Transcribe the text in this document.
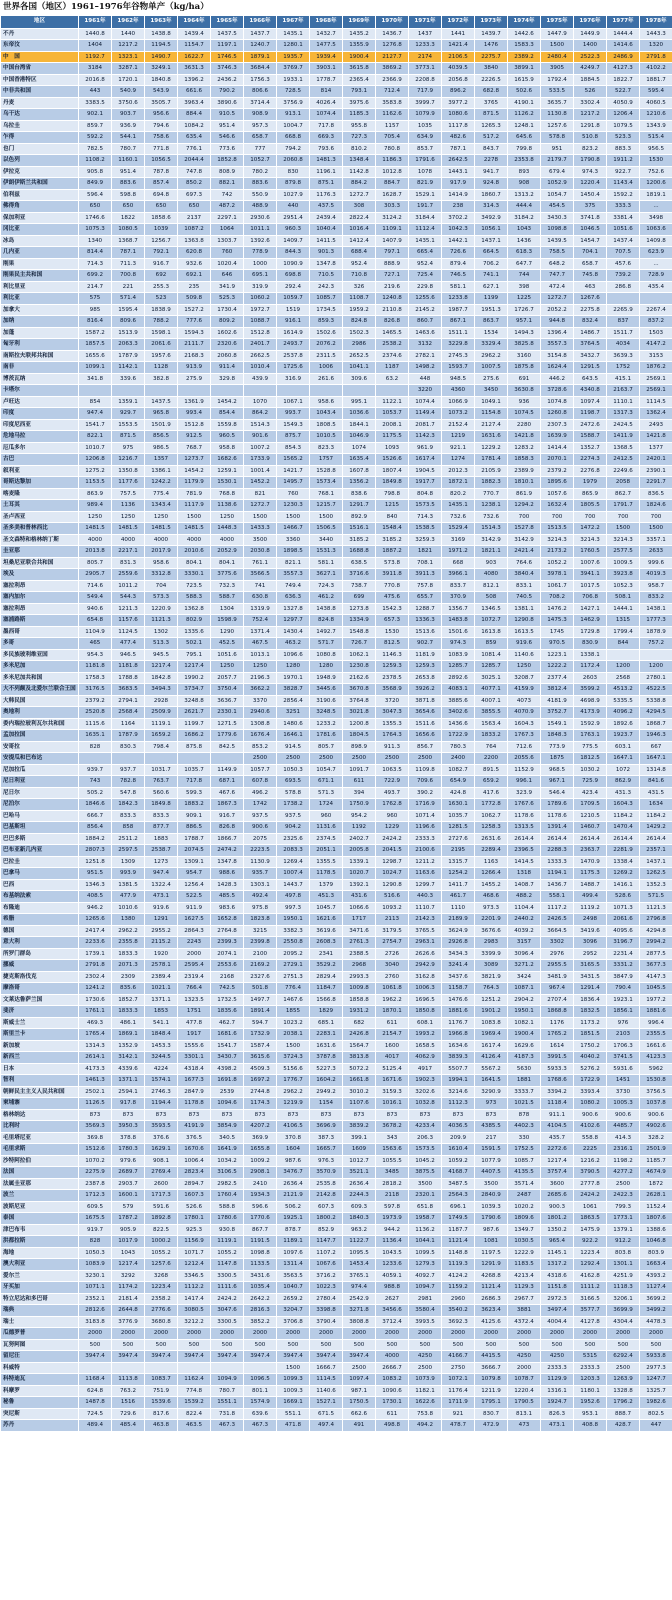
世界各国（地区）1961–1976年谷物单产（kg/ha）
地区	1961年	1962年	1963年	1964年	1965年	1966年	1967年	1968年	1969年	1970年	1971年	1972年	1973年	1974年	1975年	1976年	1977年	1978年
不丹	1440.8	1440	1438.8	1439.4	1437.5	1437.7	1435.1	1432.7	1435.2	1436.7	1437	1441	1439.7	1442.6	1447.9	1449.9	1444.4	1443.3
东帝汶	1404	1217.2	1194.5	1154.7	1197.1	1240.7	1280.1	1477.5	1355.9	1276.8	1233.3	1421.4	1476	1583.3	1500	1400	1414.6	1320
中　国	1192.7	1323.1	1490.7	1622.7	1746.5	1879.1	1935.7	1939.4	1900.4	2127.7	2174	2106.5	2275.7	2389.2	2480.4	2522.3	2486.9	2791.8
中国台湾省	3184	3287.1	3249.1	3631.3	3746.3	3684.4	3769.7	3903.1	3615.8	3869.2	3773.1	4039.5	3840	3899.1	3905	4249.7	4127.3	4102.2
中国香港特区	2016.8	1720.1	1840.8	1396.2	2436.2	1756.3	1933.1	1778.7	2365.4	2366.9	2208.8	2056.8	2226.5	1615.9	1792.4	1884.5	1822.7	1881.7
中非共和国	443	540.9	543.9	661.6	790.2	806.6	728.5	814	793.1	712.4	717.9	896.2	682.8	502.6	533.5	526	522.7	595.4
丹麦	3383.5	3750.6	3505.7	3963.4	3890.6	3714.4	3756.9	4026.4	3975.6	3583.8	3999.7	3977.2	3765	4190.1	3635.7	3302.4	4050.9	4060.5
乌干达	902.1	903.7	956.6	884.4	910.5	908.9	913.1	1074.4	1185.3	1162.6	1079.9	1080.6	871.5	1126.2	1130.8	1217.2	1206.4	1210.6
乌拉圭	859.7	936.9	794.6	1084.2	951.4	957.3	1004.7	717.8	955.8	1157	1035	1117.8	1265.3	1248.1	1257.6	1291.8	1079.5	1343.9
乍得	592.2	544.1	758.6	635.4	546.6	658.7	668.8	669.3	727.3	705.4	634.9	482.6	517.2	645.6	578.8	510.8	523.3	515.4
也门	782.5	780.7	771.8	776.1	773.6	777	794.2	793.6	810.2	780.8	853.7	787.1	843.7	799.8	951	823.2	883.3	956.5
以色列	1108.2	1160.1	1056.5	2044.4	1852.8	1052.7	2060.8	1481.3	1348.4	1186.3	1791.6	2642.5	2278	2353.8	2179.7	1790.8	1911.2	1530
伊拉克	905.8	951.4	787.8	747.8	808.9	780.2	830	1196.1	1142.8	1012.8	1078	1443.1	941.7	893	679.4	974.3	922.7	752.6
伊朗伊斯兰共和国	849.9	883.6	857.4	850.2	882.1	883.6	879.8	875.1	884.2	884.7	821.9	917.9	924.8	908	1052.9	1220.4	1143.4	1200.6
伯利兹	596.4	598.8	694.8	697.3	742	550.9	1027.9	1176.3	1272.7	1628.7	1529.1	1414.9	1860.7	1313.2	1054.7	1450.4	1592.2	1819.1
佛得角	650	650	650	650	487.2	488.9	440	437.5	308	303.3	191.7	238	314.3	444.4	454.5	375	333.3	...
保加利亚	1746.6	1822	1858.6	2137	2297.1	2930.6	2951.4	2439.4	2822.4	3124.2	3184.4	3702.2	3492.9	3184.2	3430.3	3741.8	3381.4	3498
冈比亚	1075.3	1080.5	1039	1087.2	1064	1011.1	960.3	1040.4	1016.4	1109.1	1112.4	1042.3	1056.1	1043	1098.8	1046.5	1051.6	1063.6
冰岛	1340	1368.7	1256.7	1363.8	1303.7	1392.6	1409.7	1411.5	1412.4	1407.9	1435.1	1442.1	1437.1	1436	1439.5	1454.7	1437.4	1409.8
几内亚	814.4	787.1	792.1	620.8	760	778.9	844.3	901.3	688.4	797.1	665.4	726.6	664.5	618.3	758.5	704.1	707.5	623.9
刚果	714.3	711.3	916.7	932.6	1020.4	1000	1090.9	1347.8	952.4	888.9	952.4	879.4	706.2	647.7	648.2	658.7	457.6	...
刚果民主共和国	699.2	700.8	692	692.1	646	695.1	698.8	710.5	710.8	727.1	725.4	746.5	741.1	744	747.7	745.8	739.2	728.9
利比里亚	214.7	221	255.3	235	341.9	319.9	292.4	242.3	326	219.6	229.8	581.1	627.1	398	472.4	463	286.8	435.4
利比亚	575	571.4	523	509.8	525.3	1060.2	1059.7	1085.7	1108.7	1240.8	1255.6	1233.8	1199	1225	1272.7	1267.6		
加拿大	985	1595.4	1838.9	1527.2	1730.4	1972.7	1519	1734.5	1959.2	2110.8	2145.2	1987.7	1951.3	1726.7	2052.2	2275.8	2265.9	2267.4
加纳	816.4	809.6	788.2	777.6	809.2	1088.7	916.1	859.3	824.8	826.8	860.7	867.1	863.7	957.1	944.8	832.4	837	837.2
加蓬	1587.2	1513.9	1598.1	1594.3	1602.6	1512.8	1614.9	1502.6	1502.3	1465.5	1463.6	1511.1	1534	1494.3	1396.4	1486.7	1511.7	1503
匈牙利	1857.5	2063.3	2061.6	2111.7	2320.6	2401.7	2493.7	2076.2	2986	2538.2	3132	3229.8	3329.4	3825.8	3557.3	3764.5	4034	4147.2
南斯拉夫联邦共和国	1655.6	1787.9	1957.6	2168.3	2060.8	2662.5	2537.8	2311.5	2652.5	2374.6	2782.1	2745.3	2962.2	3160	3154.8	3432.7	3639.3	3153
南非	1099.1	1142.1	1128	913.9	911.4	1010.4	1725.6	1006	1041.1	1187	1498.2	1593.7	1007.5	1875.8	1624.4	1291.5	1752	1876.2
博茨瓦纳	341.8	339.6	382.8	275.9	329.8	439.9	316.9	261.6	309.6	63.2	448	948.5	275.6	691	446.2	643.5	415.1	2569.1
卡塔尔											3220	4360	3450	3630.8	3728.6	4340.8	2163.7	2569.1
卢旺达	854	1359.1	1437.5	1361.9	1454.2	1070	1067.1	958.6	995.1	1122.1	1074.4	1066.9	1049.1	936	1074.8	1097.4	1110.1	1114.5
印度	947.4	929.7	965.8	993.4	854.4	864.2	993.7	1043.4	1036.6	1053.7	1149.4	1073.2	1154.8	1074.5	1260.8	1198.7	1317.3	1362.4
印度尼西亚	1541.7	1553.5	1501.9	1512.8	1559.8	1514.3	1549.3	1808.5	1844.1	2008.1	2081.7	2152.4	2127.4	2280	2307.3	2472.6	2424.5	2493
危地马拉	822.1	871.5	856.5	912.5	960.5	901.6	875.7	1010.5	1046.9	1175.5	1142.3	1219	1631.6	1421.8	1639.9	1588.7	1411.9	1421.8
厄瓜多尔	1010.7	975	986.5	768.7	958.8	1007.2	854.3	823.3	1074	1093	961.9	921.1	1229.2	1283.2	1414.4	1352.7	1368.5	1377
古巴	1206.8	1216.7	1357	1273.7	1682.6	1733.9	1565.2	1757	1635.4	1526.6	1617.4	1274	1781.4	1858.3	2070.1	2274.3	2412.5	2420.1
叙利亚	1275.2	1350.8	1386.1	1454.2	1259.1	1001.4	1421.7	1528.8	1607.8	1807.4	1904.5	2012.3	2105.9	2389.9	2379.2	2276.8	2249.6	2390.1
哥斯达黎加	1153.5	1177.6	1242.2	1179.9	1530.1	1452.2	1495.7	1573.4	1356.2	1849.8	1917.7	1872.1	1882.3	1810.1	1895.6	1979	2058	2291.7
喀麦隆	863.9	757.5	775.4	781.9	768.8	821	760	768.1	838.6	798.8	804.8	820.2	770.7	861.9	1057.6	865.9	862.7	836.5
土耳其	989.4	1136	1343.4	1117.9	1138.6	1272.7	1230.3	1215.7	1291.7	1215	1573.5	1435.1	1238.1	1294.2	1632.4	1805.5	1791.7	1824.6
圣卢西亚	1250	1250	1250	1500	1250	1500	1500	1500	892.9	840	714.3	732.6	732.6	700	700	700	700	700
圣多美和普林西比	1481.5	1481.5	1481.5	1481.5	1448.3	1433.3	1466.7	1506.5	1516.1	1548.4	1538.5	1529.4	1514.3	1527.8	1513.5	1472.2	1500	1500
圣文森特和格林纳丁斯	4000	4000	4000	4000	4000	3500	3360	3440	3185.2	3185.2	3259.3	3169	3142.9	3142.9	3214.3	3214.3	3214.3	3357.1
圭亚那	2013.8	2217.1	2017.9	2010.6	2052.9	2030.8	1898.5	1531.3	1688.8	1887.2	1821	1971.2	1821.1	2421.4	2173.2	1760.5	2577.5	2633
坦桑尼亚联合共和国	805.7	831.3	958.6	804.1	804.1	761.1	821.1	581.1	638.5	573.8	708.1	668	903	764.6	1052.2	1007.6	1009.5	999.6
埃及	2905.7	2559.6	3312.8	3330.1	3775.6	3566.5	3557.3	3627.1	3716.6	3911.8	3911.3	3966.1	4080	3840.4	3978.1	3941.1	3923.8	4019.3
塞拉利昂	714.6	1011.2	704	723.5	732.3	741	749.4	724.3	738.7	770.8	757.8	833.7	812.1	833.1	1061.7	1017.5	1052.3	958.7
塞内加尔	549.4	544.3	573.3	588.3	588.7	630.8	636.3	461.2	699	475.6	655.7	370.9	508	740.5	708.2	706.8	508.1	833.2
塞拉利昂	940.6	1211.3	1220.9	1362.8	1304	1319.9	1327.8	1438.8	1273.8	1542.3	1288.7	1356.7	1346.5	1381.1	1476.2	1427.1	1444.1	1438.1
塞浦路斯	654.8	1157.6	1121.3	802.9	1598.9	752.4	1297.7	824.8	1334.9	657.3	1336.3	1483.8	1072.7	1290.8	1475.3	1462.9	1315	1777.3
墨西哥	1104.9	1124.5	1302	1335.6	1290	1371.4	1430.4	1492.7	1548.8	1530	1513.6	1501.6	1613.8	1613.5	1745	1729.8	1799.4	1878.9
多哥	465	477.4	513.3	502.1	452.5	467.5	463.2	571.7	726.7	812.5	902.7	974.3	859	919.6	970.5	830.9	844	757.2
多民族玻利维亚国	954.3	946.5	945.5	795.1	1051.6	1013.1	1096.6	1080.8	1062.1	1146.3	1181.9	1083.9	1081.4	1140.6	1223.1	1338.1		
多米尼加	1181.8	1181.8	1217.4	1217.4	1250	1250	1280	1280	1230.8	1259.3	1259.3	1285.7	1285.7	1250	1222.2	1172.4	1200	1200
多米尼加共和国	1758.3	1788.8	1842.8	1990.2	2057.7	2196.3	1970.1	1948.9	2162.6	2378.5	2653.8	2892.6	3025.1	3208.7	2377.4	2603	2568	2780.1
大不列颠及北爱尔兰联合王国	3176.5	3683.5	3494.3	3734.7	3750.4	3662.2	3828.7	3445.6	3670.8	3568.9	3926.2	4083.1	4077.1	4159.9	3812.4	3599.2	4513.2	4522.5
大韩民国	2379.2	2794.1	2928	3248.8	3636.7	3370	2856.4	3190.6	3764.8	3720	3871.8	3885.6	4007.1	4073	4181.9	4698.9	5335.5	5338.8
奥地利	2520.8	2568.4	2509.9	2621.7	2330.1	2940.6	3251	3248.5	3021.8	3047.3	3654.6	3402.6	3855.5	4070.9	3752.7	4173.9	4096.2	4294.5
委内瑞拉玻利瓦尔共和国	1115.6	1164	1119.1	1199.7	1271.5	1308.8	1480.6	1233.2	1200.8	1355.3	1511.6	1436.6	1563.4	1604.3	1549.1	1592.9	1892.6	1868.7
孟加拉国	1635.1	1787.9	1659.2	1686.2	1779.6	1676.4	1646.1	1781.6	1804.5	1764.3	1656.6	1722.9	1833.2	1767.3	1848.3	1763.1	1923.7	1946.3
安哥拉	828	830.3	798.4	875.8	842.5	853.2	914.5	805.7	898.9	911.3	856.7	780.3	764	712.6	773.9	775.5	603.1	667
安提瓜和巴布达						2500	2500	2500	2500	2500	2500	2400	2200	2055.6	1875	1812.5	1647.1	1647.1
尼加拉瓜	939.7	937.7	1031.7	1035.7	1149.9	1057.7	1050.3	1054.7	1091.7	1063.5	1109.8	1082.7	891.5	1152.9	968.5	1030.2	1072	1314.8
尼日利亚	743	782.8	763.7	717.8	687.1	607.8	693.5	671.1	611	722.9	709.6	654.9	659.2	996.1	967.1	725.9	862.9	841.6
尼日尔	505.2	547.8	560.6	599.3	467.6	496.2	578.8	571.3	394	493.7	390.2	424.8	417.6	323.9	546.4	423.4	431.3	431.5
尼泊尔	1846.6	1842.3	1849.8	1883.2	1867.3	1742	1738.2	1724	1750.9	1762.8	1716.9	1630.1	1772.8	1767.6	1789.6	1709.5	1604.3	1634
巴哈马	666.7	833.3	833.3	909.1	916.7	937.5	937.5	960	954.2	960	1071.4	1035.7	1062.7	1178.6	1178.6	1210.5	1184.2	1184.2
巴基斯坦	856.4	858	877.7	886.5	826.8	900.6	904.2	1131.6	1192	1229	1196.6	1281.5	1258.3	1313.5	1391.4	1460.7	1470.4	1429.2
巴巴多斯	1884.2	2511.2	1883	1788.7	1866.7	2075	2325.6	2374.5	2402.7	2424.2	2333.3	2727.6	2631.6	2614.4	2614.4	2614.4	2614.4	2614.4
巴布亚新几内亚	2807.3	2597.5	2538.7	2074.5	2474.2	2223.5	2083.3	2051.1	2005.8	2041.5	2100.6	2195	2289.4	2396.5	2288.3	2363.7	2281.9	2357.1
巴拉圭	1251.8	1309	1273	1309.1	1347.8	1130.9	1269.4	1355.5	1339.1	1298.7	1211.2	1315.7	1163	1414.5	1333.3	1470.9	1338.4	1437.1
巴拿马	951.5	993.9	947.4	954.7	988.6	935.7	1007.4	1178.5	1020.7	1024.7	1163.6	1254.2	1266.4	1318	1194.1	1175.3	1269.2	1262.5
巴西	1346.3	1381.5	1322.4	1256.4	1428.3	1303.1	1443.7	1379	1392.1	1290.8	1299.7	1411.7	1455.2	1408.7	1436.7	1488.7	1416.1	1352.3
布基纳法索	408.5	477.9	473.1	522.5	485.5	492.4	497.8	451.3	431.6	516.6	440.3	461.7	468.6	488.2	558.1	499.4	528.6	571.5
布隆迪	946.2	1010.6	919.6	911.9	983.6	975.8	997.3	1045.7	1066.6	1093.2	1110.7	1110	973.3	1104.4	1117.2	1119.2	1071.3	1121.3
希腊	1265.6	1380	1291	1627.5	1652.8	1823.8	1950.1	1621.6	1717	2113	2142.3	2189.9	2201.9	2440.2	2426.5	2498	2061.6	2796.8
德国	2417.4	2962.2	2955.2	2864.3	2764.8	3215	3382.3	3619.6	3471.6	3179.5	3765.5	3624.9	3676.6	4039.2	3664.5	3419.6	4095.6	4294.8
意大利	2233.6	2355.8	2115.2	2243	2399.3	2399.8	2550.8	2608.3	2761.3	2754.7	2963.1	2926.8	2983	3157	3302	3096	3196.7	2994.2
所罗门群岛	1739.1	1833.3	1920	2000	2074.1	2100	2095.2	2341	2388.5	2726	2626.6	3434.3	3399.9	3096.4	2976	2952	2231.4	2877.5
挪威	2791.8	2071.3	2578.1	2595.4	2553.6	2169.2	2729.1	3529.2	2968	3040	2942.9	3241.4	3089	3271.2	2955.5	3165.5	3331.2	3677.3
捷克斯洛伐克	2302.4	2309	2389.4	2319.4	2168	2327.6	2751.3	2829.4	2993.3	2760	3162.8	3437.6	3821.9	3424	3481.9	3431.5	3847.9	4147.3
摩洛哥	1241.2	835.6	1021.1	766.4	742.5	501.8	776.4	1184.7	1009.8	1061.8	1006.3	1158.7	764.3	1087.1	967.4	1291.4	790.4	1045.5
文莱达鲁萨兰国	1730.6	1852.7	1371.1	1323.5	1732.5	1497.7	1467.6	1566.8	1858.8	1962.2	1696.5	1476.6	1251.2	2904.2	2707.4	1836.4	1923.1	1977.2
斐济	1761.1	1833.3	1853	1751	1835.6	1891.4	1855	1829	1931.2	1870.1	1850.8	1881.6	1901.2	1950.1	1868.8	1832.5	1856.1	1881.6
斯威士兰	469.3	486.1	541.1	477.8	462.7	594.7	1023.2	685.1	682	611	608.1	1176.7	1083.8	1082.1	1176	1173.2	976	996.4
斯里兰卡	1765.4	1869.1	1848.4	1917	1681.6	1732.9	2038.1	2283.1	2426.8	2154.7	1993.2	1966.8	1969.4	1900.4	1765.2	1851.5	2103	2355.5
新加坡	1314.3	1352.9	1453.3	1555.6	1541.7	1587.4	1500	1631.6	1564.7	1600	1658.5	1634.6	1617.4	1629.6	1614	1750.2	1706.3	1661.6
新西兰	2614.1	3142.1	3244.5	3301.1	3430.7	3615.6	3724.3	3787.8	3813.8	4017	4062.9	3839.3	4126.4	4187.3	3991.5	4040.2	3741.5	4123.3
日本	4173.3	4339.6	4224	4318.4	4398.2	4509.3	5156.6	5227.3	5072.2	5125.4	4917	5507.7	5567.2	5630	5933.3	5276.2	5931.6	5962
智利	1461.3	1371.1	1574.1	1677.3	1691.8	1697.2	1776.7	1604.2	1661.8	1671.6	1902.3	1994.1	1641.5	1881	1768.6	1722.9	1451	1530.8
朝鲜民主主义人民共和国	2502.1	2594.1	2746.3	2847.9	2539	2744.8	2962.2	2949.2	3010.2	3159.3	3202.6	3214.6	3290.9	3333.7	3394.2	3393.4	3730	3756.5
柬埔寨	1126.5	917.8	1194.4	1178.8	1094.6	1174.3	1219.9	1154	1107.6	1016.1	1032.8	1112.3	973	1021.5	1118.4	1080.2	1005.3	1037.8
格林纳达	873	873	873	873	873	873	873	873	873	873	873	873	873	878	911.1	900.6	900.6	900.6
比利时	3569.3	3950.3	3593.5	4191.9	3854.9	4207.2	4106.5	3696.9	3839.2	3678.2	4233.4	4036.5	4385.5	4402.3	4104.5	4102.6	4485.7	4902.6
毛里塔尼亚	369.8	378.8	376.6	376.5	340.5	369.9	370.8	387.3	399.1	343	206.3	209.9	217	330	435.7	558.8	414.3	328.2
毛里求斯	1512.6	1780.3	1629.1	1670.6	1641.9	1655.8	1604	1665.7	1609	1563.6	1573.5	1610.4	1591.5	1752.5	2272.6	2225	2316.1	2501.9
沙特阿拉伯	1070.2	979.6	908.1	1006.4	1034.2	1009.2	987.6	976.3	1012.7	1055.5	1045.2	1059.2	1077.9	1085.7	1217.4	1216.2	1198.2	1185.7
法国	2275.9	2689.7	2769.4	2823.4	3106.5	2908.1	3476.7	3570.9	3521.1	3485	3875.5	4168.7	4407.5	4135.5	3757.4	3790.5	4277.2	4674.9
法属圭亚那	2387.8	2903.7	2600	2894.7	2982.5	2410	2636.4	2535.8	2636.4	2818.2	3500	3487.5	3500	3571.4	3600	2777.8	2500	1872
波兰	1712.3	1600.1	1717.3	1607.3	1760.4	1934.3	2121.9	2142.8	2244.3	2118	2320.1	2564.3	2840.9	2487	2685.6	2424.2	2422.3	2628.1
波斯尼亚	609.5	579	591.6	526.6	588.8	596.6	506.2	607.3	609.3	597.8	651.8	696.1	1039.3	1020.2	900.3	1061	799.3	1152.4
泰国	1675.5	1787.2	1892.8	1780.1	1780.6	1770.6	1925.1	1800.2	1840.3	1973.9	1958.7	1749.5	1790.6	1809.6	1801.2	1863.5	1773.1	1807.6
津巴布韦	919.7	905.9	822.5	925.3	930.8	867.7	878.7	852.9	963.2	944.2	1136.2	1187.7	987.6	1349.7	1350.2	1475.9	1379.1	1388.6
洪都拉斯	828	1017.9	1000.2	1156.9	1119.1	1191.5	1189.1	1147.7	1122.7	1136.4	1044.1	1121.4	1081	1030.5	965.4	922.2	912.2	1046.8
海地	1050.3	1043	1055.2	1071.7	1055.2	1098.8	1097.6	1107.2	1095.5	1043.5	1099.5	1148.8	1197.5	1222.9	1145.1	1223.4	803.8	803.9
澳大利亚	1083.9	1217.4	1257.6	1212.4	1147.8	1133.5	1311.4	1067.6	1453.4	1233.6	1279.3	1119.3	1291.9	1183.5	1317.2	1292.4	1301.1	1663.4
爱尔兰	3230.1	3292	3268	3346.5	3300.5	3431.6	3563.5	3716.2	3765.1	4059.1	4092.7	4124.2	4268.8	4213.4	4318.6	4162.8	4251.9	4393.2
牙买加	1071.1	1174.2	1223.4	1112.2	1111.6	1035.4	1040.7	1022.3	974.4	988.8	1094.7	1159.2	1121.4	1129.3	1151.8	1111.2	1118.3	1127.4
特立尼达和多巴哥	2352.1	2181.4	2358.2	1417.4	2424.2	2642.2	2659.2	2780.4	2542.9	2627	2981	2960	2686.3	2967.7	2972.3	3166.5	3206.1	3699.2
瑞典	2812.6	2644.8	2776.6	3080.5	3047.6	2816.3	3204.7	3398.8	3271.8	3456.6	3580.4	3540.2	3623.4	3881	3497.4	3577.7	3699.9	3499.2
瑞士	3183.8	3776.9	3680.8	3212.2	3300.5	3852.2	3706.8	3790.4	3808.8	3712.4	3993.5	3692.3	4125.6	4372.4	4004.4	4127.8	4304.4	4478.3
瓜德罗普	2000	2000	2000	2000	2000	2000	2000	2000	2000	2000	2000	2000	2000	2000	2000	2000	2000	2000
瓦努阿图	500	500	500	500	500	500	500	500	500	500	500	500	500	500	500	500	500	500
留尼汪	3947.4	3947.4	3947.4	3947.4	3947.4	3947.4	3947.4	3947.4	3947.4	4000	4250	4166.7	4415.5	4250	4250	5315	6292.4	5933.8
科威特							1500	1666.7	2500	2666.7	2500	2750	3666.7	2000	2333.3	2333.3	2500	2977.3
科特迪瓦	1168.4	1113.8	1083.7	1162.4	1094.9	1096.5	1099.3	1114.5	1097.4	1083.2	1073.9	1072.1	1079.8	1078.7	1129.9	1203.3	1263.9	1247.7
科摩罗	624.8	763.2	751.9	774.8	780.7	801.1	1009.3	1140.6	987.1	1090.6	1182.1	1176.4	1211.9	1220.4	1316.1	1180.1	1328.8	1325.7
秘鲁	1487.8	1516	1539.6	1539.2	1551.1	1574.9	1669.1	1527.1	1750.5	1730.1	1622.6	1711.9	1795.1	1790.5	1924.7	1952.6	1796.2	1982.6
突尼斯	724.5	729.6	817.6	822.4	731.8	639.6	551.1	671.5	662.6	611	753.8	921	830.7	813.1	826.3	953.1	888.7	802.5
苏丹	489.4	485.4	463.8	463.5	467.3	467.3	471.8	497.4	491	498.8	494.2	478.7	472.9	473	473.1	408.8	428.7	447
